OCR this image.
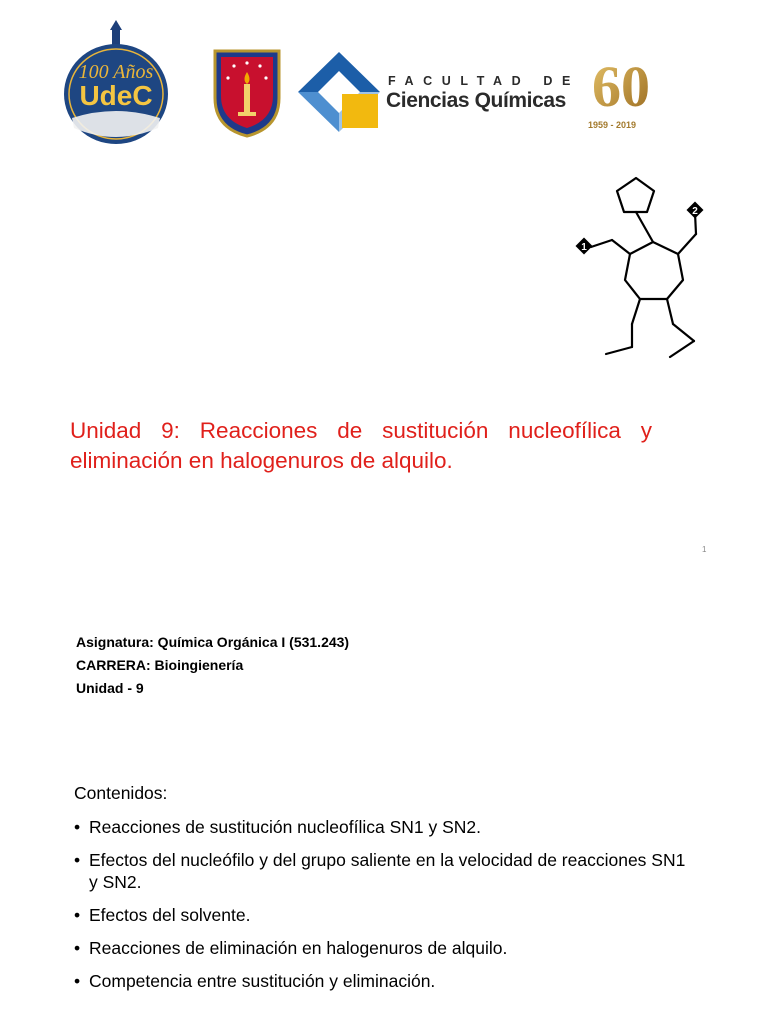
100 Años
UdeC	FACULTAD DE
Ciencias Químicas 60
1959 - 2019
1
2
Unidad 9: Reacciones de sustitución nucleofílica y eliminación en halogenuros de alquilo.
1
Asignatura: Química Orgánica I (531.243)
CARRERA: Bioingienería
Unidad - 9
Contenidos:
• Reacciones de sustitución nucleofílica SN1 y SN2.
• Efectos del nucleófilo y del grupo saliente en la velocidad de reacciones SN1 y SN2.
• Efectos del solvente.
• Reacciones de eliminación en halogenuros de alquilo.
• Competencia entre sustitución y eliminación.
